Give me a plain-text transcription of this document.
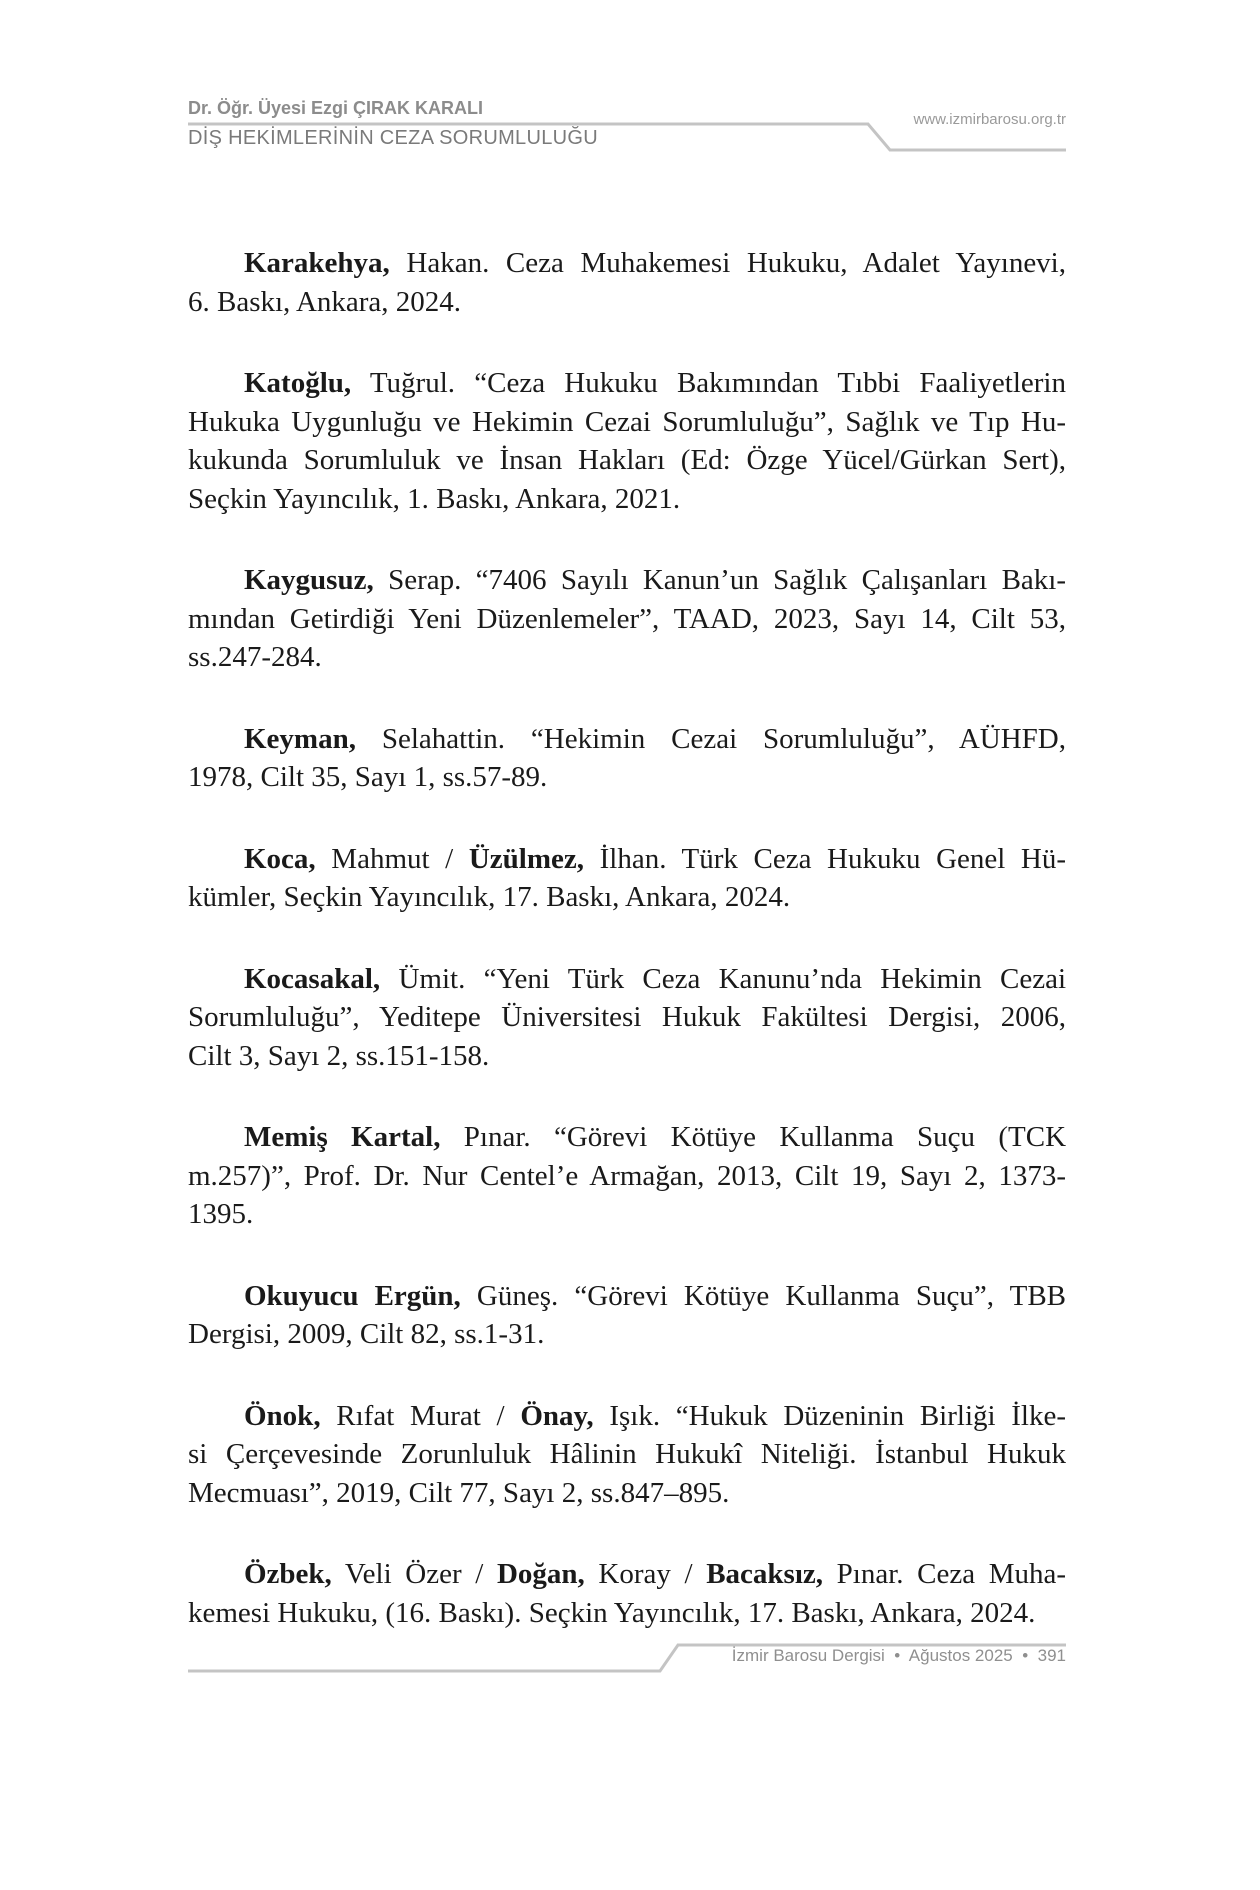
Dr. Öğr. Üyesi Ezgi ÇIRAK KARALI
DİŞ HEKİMLERİNİN CEZA SORUMLULUĞU
www.izmirbarosu.org.tr
Karakehya, Hakan. Ceza Muhakemesi Hukuku, Adalet Yayınevi,
6. Baskı, Ankara, 2024.
Katoğlu, Tuğrul. “Ceza Hukuku Bakımından Tıbbi Faaliyetlerin
Hukuka Uygunluğu ve Hekimin Cezai Sorumluluğu”, Sağlık ve Tıp Hu-
kukunda Sorumluluk ve İnsan Hakları (Ed: Özge Yücel/Gürkan Sert),
Seçkin Yayıncılık, 1. Baskı, Ankara, 2021.
Kaygusuz, Serap. “7406 Sayılı Kanun’un Sağlık Çalışanları Bakı-
mından Getirdiği Yeni Düzenlemeler”, TAAD, 2023, Sayı 14, Cilt 53,
ss.247-284.
Keyman, Selahattin. “Hekimin Cezai Sorumluluğu”, AÜHFD,
1978, Cilt 35, Sayı 1, ss.57-89.
Koca, Mahmut / Üzülmez, İlhan. Türk Ceza Hukuku Genel Hü-
kümler, Seçkin Yayıncılık, 17. Baskı, Ankara, 2024.
Kocasakal, Ümit. “Yeni Türk Ceza Kanunu’nda Hekimin Cezai
Sorumluluğu”, Yeditepe Üniversitesi Hukuk Fakültesi Dergisi, 2006,
Cilt 3, Sayı 2, ss.151-158.
Memiş Kartal, Pınar. “Görevi Kötüye Kullanma Suçu (TCK
m.257)”, Prof. Dr. Nur Centel’e Armağan, 2013, Cilt 19, Sayı 2, 1373-
1395.
Okuyucu Ergün, Güneş. “Görevi Kötüye Kullanma Suçu”, TBB
Dergisi, 2009, Cilt 82, ss.1-31.
Önok, Rıfat Murat / Önay, Işık. “Hukuk Düzeninin Birliği İlke-
si Çerçevesinde Zorunluluk Hâlinin Hukukî Niteliği. İstanbul Hukuk
Mecmuası”, 2019, Cilt 77, Sayı 2, ss.847–895.
Özbek, Veli Özer / Doğan, Koray / Bacaksız, Pınar. Ceza Muha-
kemesi Hukuku, (16. Baskı). Seçkin Yayıncılık, 17. Baskı, Ankara, 2024.
İzmir Barosu Dergisi  •  Ağustos 2025  •  391
